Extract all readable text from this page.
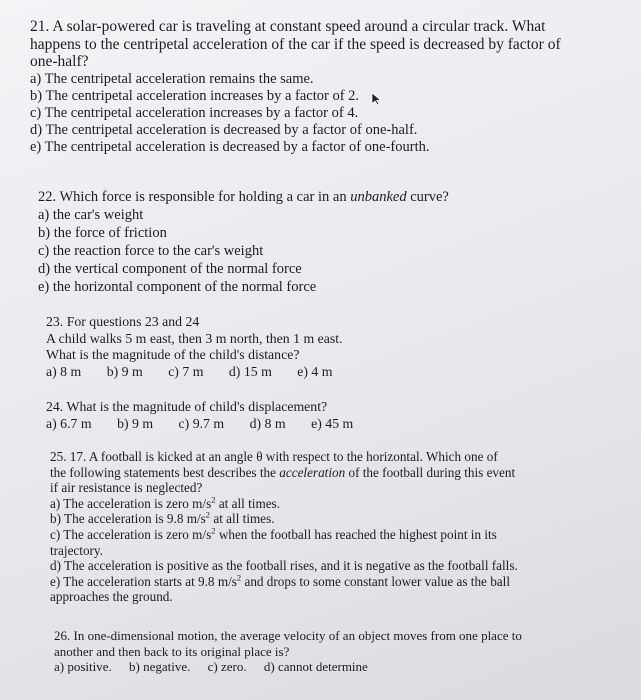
21. A solar-powered car is traveling at constant speed around a circular track. What

happens to the centripetal acceleration of the car if the speed is decreased by factor of

one-half?

a) The centripetal acceleration remains the same.

b) The centripetal acceleration increases by a factor of 2.

c) The centripetal acceleration increases by a factor of 4.

d) The centripetal acceleration is decreased by a factor of one-half.

e) The centripetal acceleration is decreased by a factor of one-fourth.

22. Which force is responsible for holding a car in an unbanked curve?

a) the car's weight

b) the force of friction

c) the reaction force to the car's weight

d) the vertical component of the normal force

e) the horizontal component of the normal force

23. For questions 23 and 24

A child walks 5 m east, then 3 m north, then 1 m east.

What is the magnitude of the child's distance?

a) 8 m b) 9 m c) 7 m d) 15 m e) 4 m

24. What is the magnitude of child's displacement?

a) 6.7 m b) 9 m c) 9.7 m d) 8 m e) 45 m

25. 17. A football is kicked at an angle θ with respect to the horizontal. Which one of

the following statements best describes the acceleration of the football during this event

if air resistance is neglected?

a) The acceleration is zero $m/s^2$ at all times.

b) The acceleration is 9.8 $m/s^2$ at all times.

c) The acceleration is zero $m/s^2$ when the football has reached the highest point in its

trajectory.

d) The acceleration is positive as the football rises, and it is negative as the football falls.

e) The acceleration starts at 9.8 $m/s^2$ and drops to some constant lower value as the ball

approaches the ground.

26. In one-dimensional motion, the average velocity of an object moves from one place to

another and then back to its original place is?

a) positive. b) negative. c) zero. d) cannot determine
